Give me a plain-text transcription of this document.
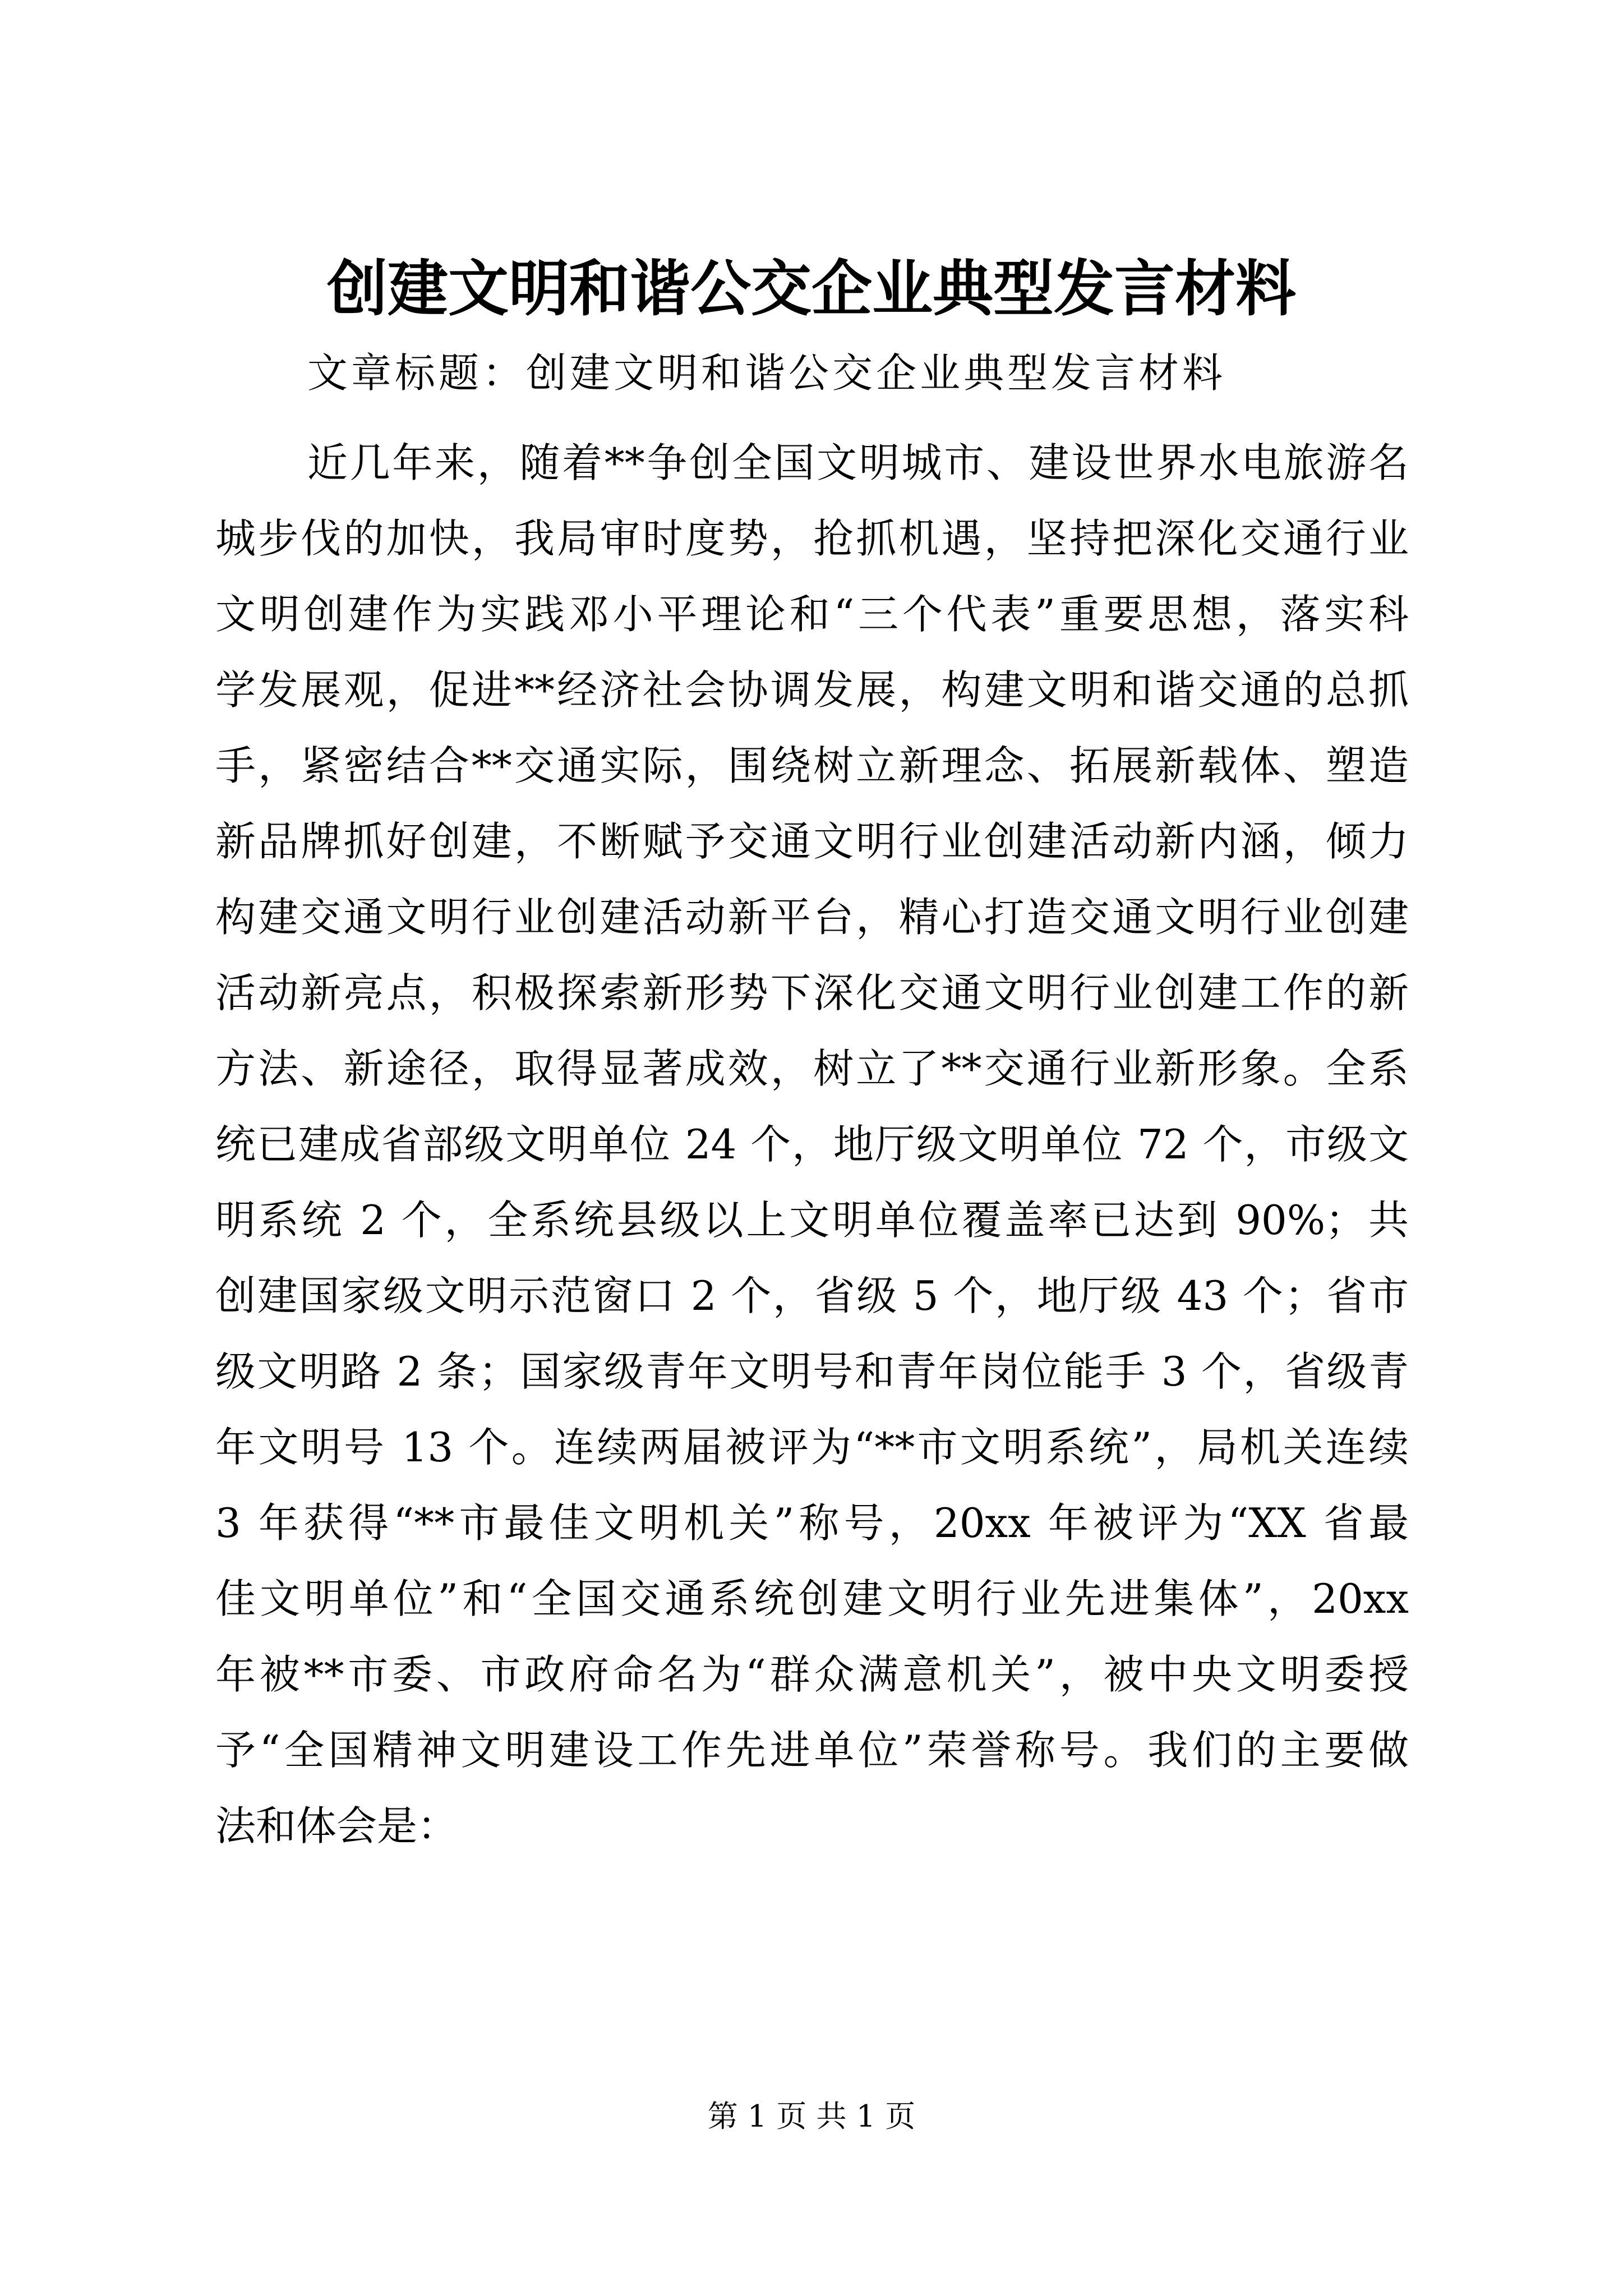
创建文明和谐公交企业典型发言材料

文章标题：创建文明和谐公交企业典型发言材料

近几年来，随着**争创全国文明城市、建设世界水电旅游名

城步伐的加快，我局审时度势，抢抓机遇，坚持把深化交通行业

文明创建作为实践邓小平理论和“三个代表”重要思想，落实科

学发展观，促进**经济社会协调发展，构建文明和谐交通的总抓

手，紧密结合**交通实际，围绕树立新理念、拓展新载体、塑造

新品牌抓好创建，不断赋予交通文明行业创建活动新内涵，倾力

构建交通文明行业创建活动新平台，精心打造交通文明行业创建

活动新亮点，积极探索新形势下深化交通文明行业创建工作的新

方法、新途径，取得显著成效，树立了**交通行业新形象。全系

统已建成省部级文明单位 24 个，地厅级文明单位 72 个，市级文

明系统 2 个，全系统县级以上文明单位覆盖率已达到 90%；共

创建国家级文明示范窗口 2 个，省级 5 个，地厅级 43 个；省市

级文明路 2 条；国家级青年文明号和青年岗位能手 3 个，省级青

年文明号 13 个。连续两届被评为“**市文明系统”，局机关连续

3 年获得“**市最佳文明机关”称号，20xx 年被评为“XX 省最

佳文明单位”和“全国交通系统创建文明行业先进集体”，20xx

年被**市委、市政府命名为“群众满意机关”，被中央文明委授

予“全国精神文明建设工作先进单位”荣誉称号。我们的主要做

法和体会是：

第 1 页 共 1 页
